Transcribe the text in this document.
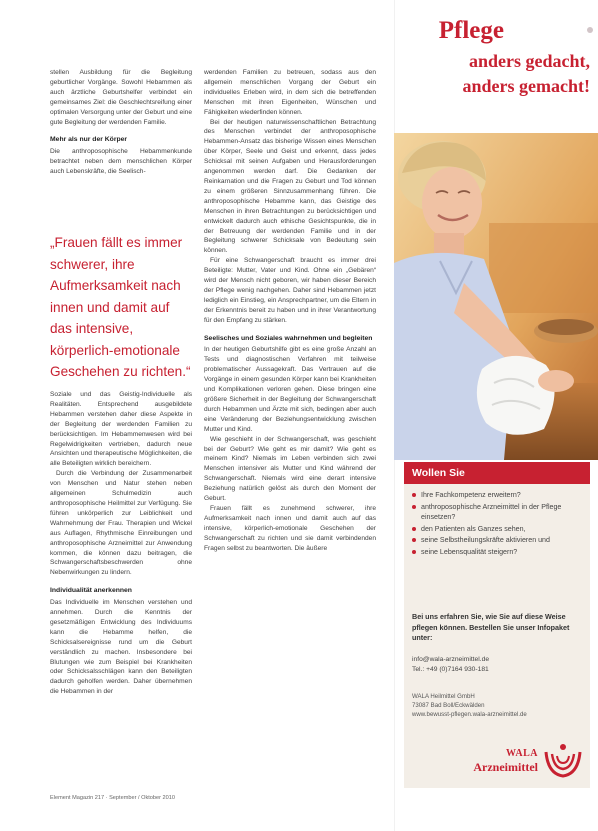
stellen Ausbildung für die Begleitung geburtlicher Vorgänge. Sowohl Hebammen als auch ärztliche Geburtshelfer verbindet ein gemeinsames Ziel: die Geschlechtsreifung einer optimalen Versorgung unter der Geburt und eine gute Begleitung der werdenden Familie.
Mehr als nur der Körper
Die anthroposophische Hebammenkunde betrachtet neben dem menschlichen Körper auch Lebenskräfte, die Seelisch-
„Frauen fällt es immer schwerer, ihre Aufmerksamkeit nach innen und damit auf das intensive, körperlich-emotionale Geschehen zu richten.“
Soziale und das Geistig-Individuelle als Realitäten. Entsprechend ausgebildete Hebammen verstehen daher diese Aspekte in der Begleitung der werdenden Familien zu berücksichtigen. Im Hebammenwesen wird bei Regelwidrigkeiten vertrieben, dadurch neue Ansichten und therapeutische Möglichkeiten, die alle Beteiligten wirklich bereichern.
Durch die Verbindung der Zusammenarbeit von Menschen und Natur stehen neben allgemeinen Schulmedizin auch anthroposophische Heilmittel zur Verfügung. Sie führen unkörperlich zur Leiblichkeit und Wahrnehmung der Frau. Therapien und Wickel aus Auflagen, Rhythmische Einreibungen und anthroposophische Arzneimittel zur Anwendung kommen, die können dazu beitragen, die Schwangerschaftsbeschwerden ohne Nebenwirkungen zu lindern.
Individualität anerkennen
Das Individuelle im Menschen verstehen und annehmen. Durch die Kenntnis der gesetzmäßigen Entwicklung des Individuums kann die Hebamme helfen, die Schicksalsereignisse rund um die Geburt verständlich zu machen. Insbesondere bei Blutungen wie zum Beispiel bei Krankheiten oder Schicksalsschlägen kann den Beteiligten dadurch geholfen werden. Daher übernehmen die Hebammen in der
werdenden Familien zu betreuen, sodass aus den allgemein menschlichen Vorgang der Geburt ein individuelles Erleben wird, in dem sich die betreffenden Menschen mit ihren Eigenheiten, Wünschen und Fähigkeiten wiederfinden können.
Bei der heutigen naturwissenschaftlichen Betrachtung des Menschen verbindet der anthroposophische Hebammen-Ansatz das bisherige Wissen eines Menschen über Körper, Seele und Geist und erkennt, dass jedes Schicksal mit seinen Aufgaben und Herausforderungen angenommen werden darf. Die Gedanken der Reinkarnation und die Fragen zu Geburt und Tod können zu einem größeren Sinnzusammenhang führen. Die anthroposophische Hebamme kann, das Geistige des Menschen in ihren Betrachtungen zu berücksichtigen und entwickelt dadurch auch ethische Gesichtspunkte, die in der Betreuung der werdenden Familie und in der Begleitung schwerer Schicksale von Bedeutung sein können.
Für eine Schwangerschaft braucht es immer drei Beteiligte: Mutter, Vater und Kind. Ohne ein „Gebären“ wird der Mensch nicht geboren, wir haben dieser Bereich der Pflege wenig nachgehen. Daher sind Hebammen jetzt lediglich ein Einstieg, ein Ansprechpartner, um die Eltern in der Erkenntnis bereit zu haben und in ihrer Verantwortung für den Empfang zu stärken.
Seelisches und Soziales wahrnehmen und begleiten
In der heutigen Geburtshilfe gibt es eine große Anzahl an Tests und diagnostischen Verfahren mit teilweise problematischer Aussagekraft. Das Vertrauen auf die Vorgänge in einem gesunden Körper kann bei Krankheiten und Komplikationen verloren gehen. Diese bringen eine größere Sicherheit in der Begleitung der Schwangerschaft durch Hebammen und Ärzte mit sich, bedingen aber auch eine Veränderung der Beziehungsentwicklung zwischen Mutter und Kind.
Wie geschieht in der Schwangerschaft, was geschieht bei der Geburt? Wie geht es mir damit? Wie geht es meinem Kind? Niemals im Leben verbinden sich zwei Menschen intensiver als Mutter und Kind während der Schwangerschaft. Niemals wird eine derart intensive Beziehung natürlich gelöst als durch den Moment der Geburt.
Frauen fällt es zunehmend schwerer, ihre Aufmerksamkeit nach innen und damit auch auf das intensive, körperlich-emotionale Geschehen der Schwangerschaft zu richten und sie damit verbindenden Fragen selbst zu beantworten. Die äußere
Element Magazin 217 · September / Oktober 2010
Pflege
anders gedacht,
anders gemacht!
Wollen Sie
Ihre Fachkompetenz erweitern?
anthroposophische Arzneimittel in der Pflege einsetzen?
den Patienten als Ganzes sehen,
seine Selbstheilungskräfte aktivieren und
seine Lebensqualität steigern?
Bei uns erfahren Sie, wie Sie auf diese Weise pflegen können. Bestellen Sie unser Infopaket unter:
info@wala-arzneimittel.de
Tel.: +49 (0)7164 930-181
WALA Heilmittel GmbH
73087 Bad Boll/Eckwälden
www.bewusst-pflegen.wala-arzneimittel.de
WALA
Arzneimittel
